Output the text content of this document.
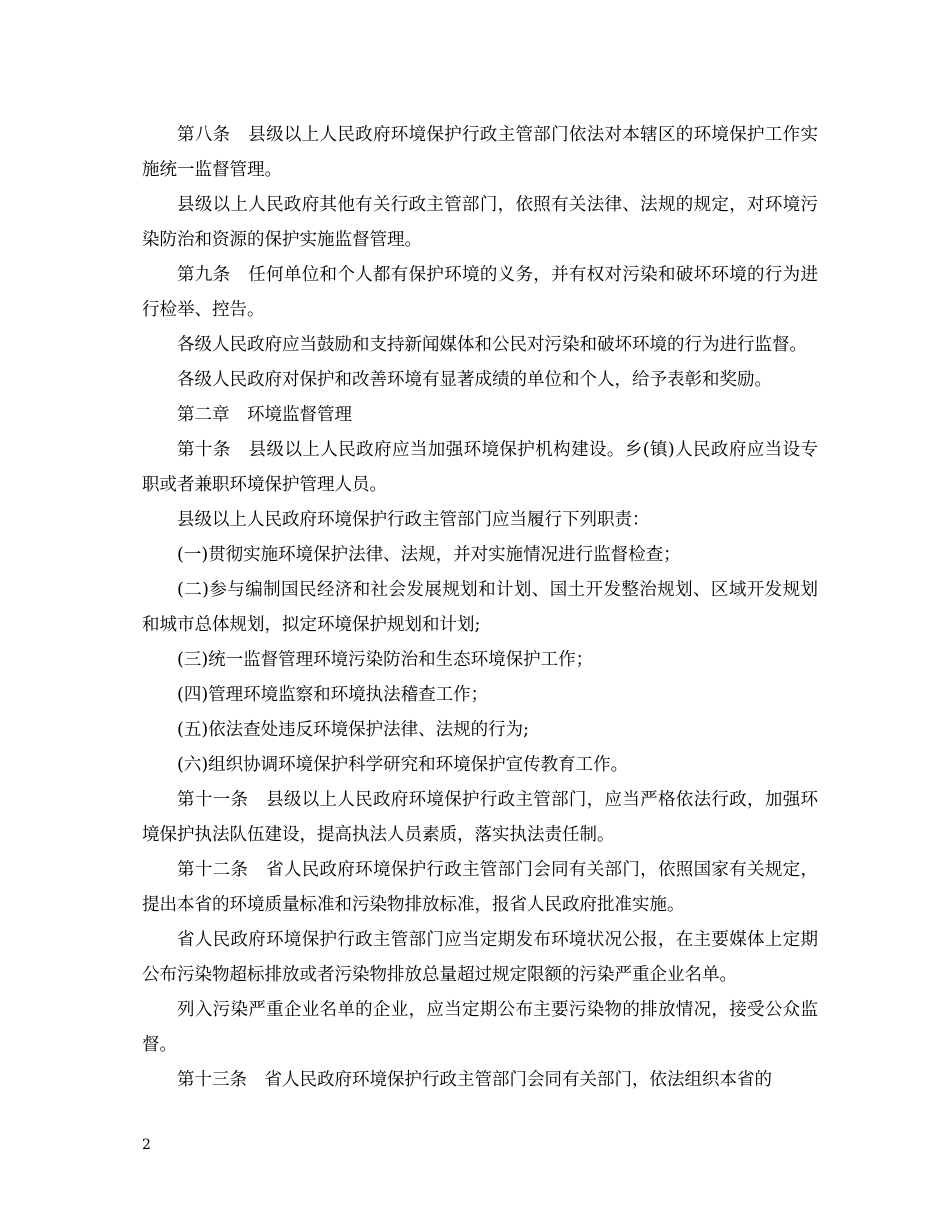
第八条　县级以上人民政府环境保护行政主管部门依法对本辖区的环境保护工作实施统一监督管理。

县级以上人民政府其他有关行政主管部门，依照有关法律、法规的规定，对环境污染防治和资源的保护实施监督管理。

第九条　任何单位和个人都有保护环境的义务，并有权对污染和破坏环境的行为进行检举、控告。

各级人民政府应当鼓励和支持新闻媒体和公民对污染和破坏环境的行为进行监督。

各级人民政府对保护和改善环境有显著成绩的单位和个人，给予表彰和奖励。

第二章　环境监督管理

第十条　县级以上人民政府应当加强环境保护机构建设。乡(镇)人民政府应当设专职或者兼职环境保护管理人员。

县级以上人民政府环境保护行政主管部门应当履行下列职责：

(一)贯彻实施环境保护法律、法规，并对实施情况进行监督检查；

(二)参与编制国民经济和社会发展规划和计划、国土开发整治规划、区域开发规划和城市总体规划，拟定环境保护规划和计划;

(三)统一监督管理环境污染防治和生态环境保护工作；

(四)管理环境监察和环境执法稽查工作；

(五)依法查处违反环境保护法律、法规的行为;

(六)组织协调环境保护科学研究和环境保护宣传教育工作。

第十一条　县级以上人民政府环境保护行政主管部门，应当严格依法行政，加强环境保护执法队伍建设，提高执法人员素质，落实执法责任制。

第十二条　省人民政府环境保护行政主管部门会同有关部门，依照国家有关规定，提出本省的环境质量标准和污染物排放标准，报省人民政府批准实施。

省人民政府环境保护行政主管部门应当定期发布环境状况公报，在主要媒体上定期公布污染物超标排放或者污染物排放总量超过规定限额的污染严重企业名单。

列入污染严重企业名单的企业，应当定期公布主要污染物的排放情况，接受公众监督。

第十三条　省人民政府环境保护行政主管部门会同有关部门，依法组织本省的

2
